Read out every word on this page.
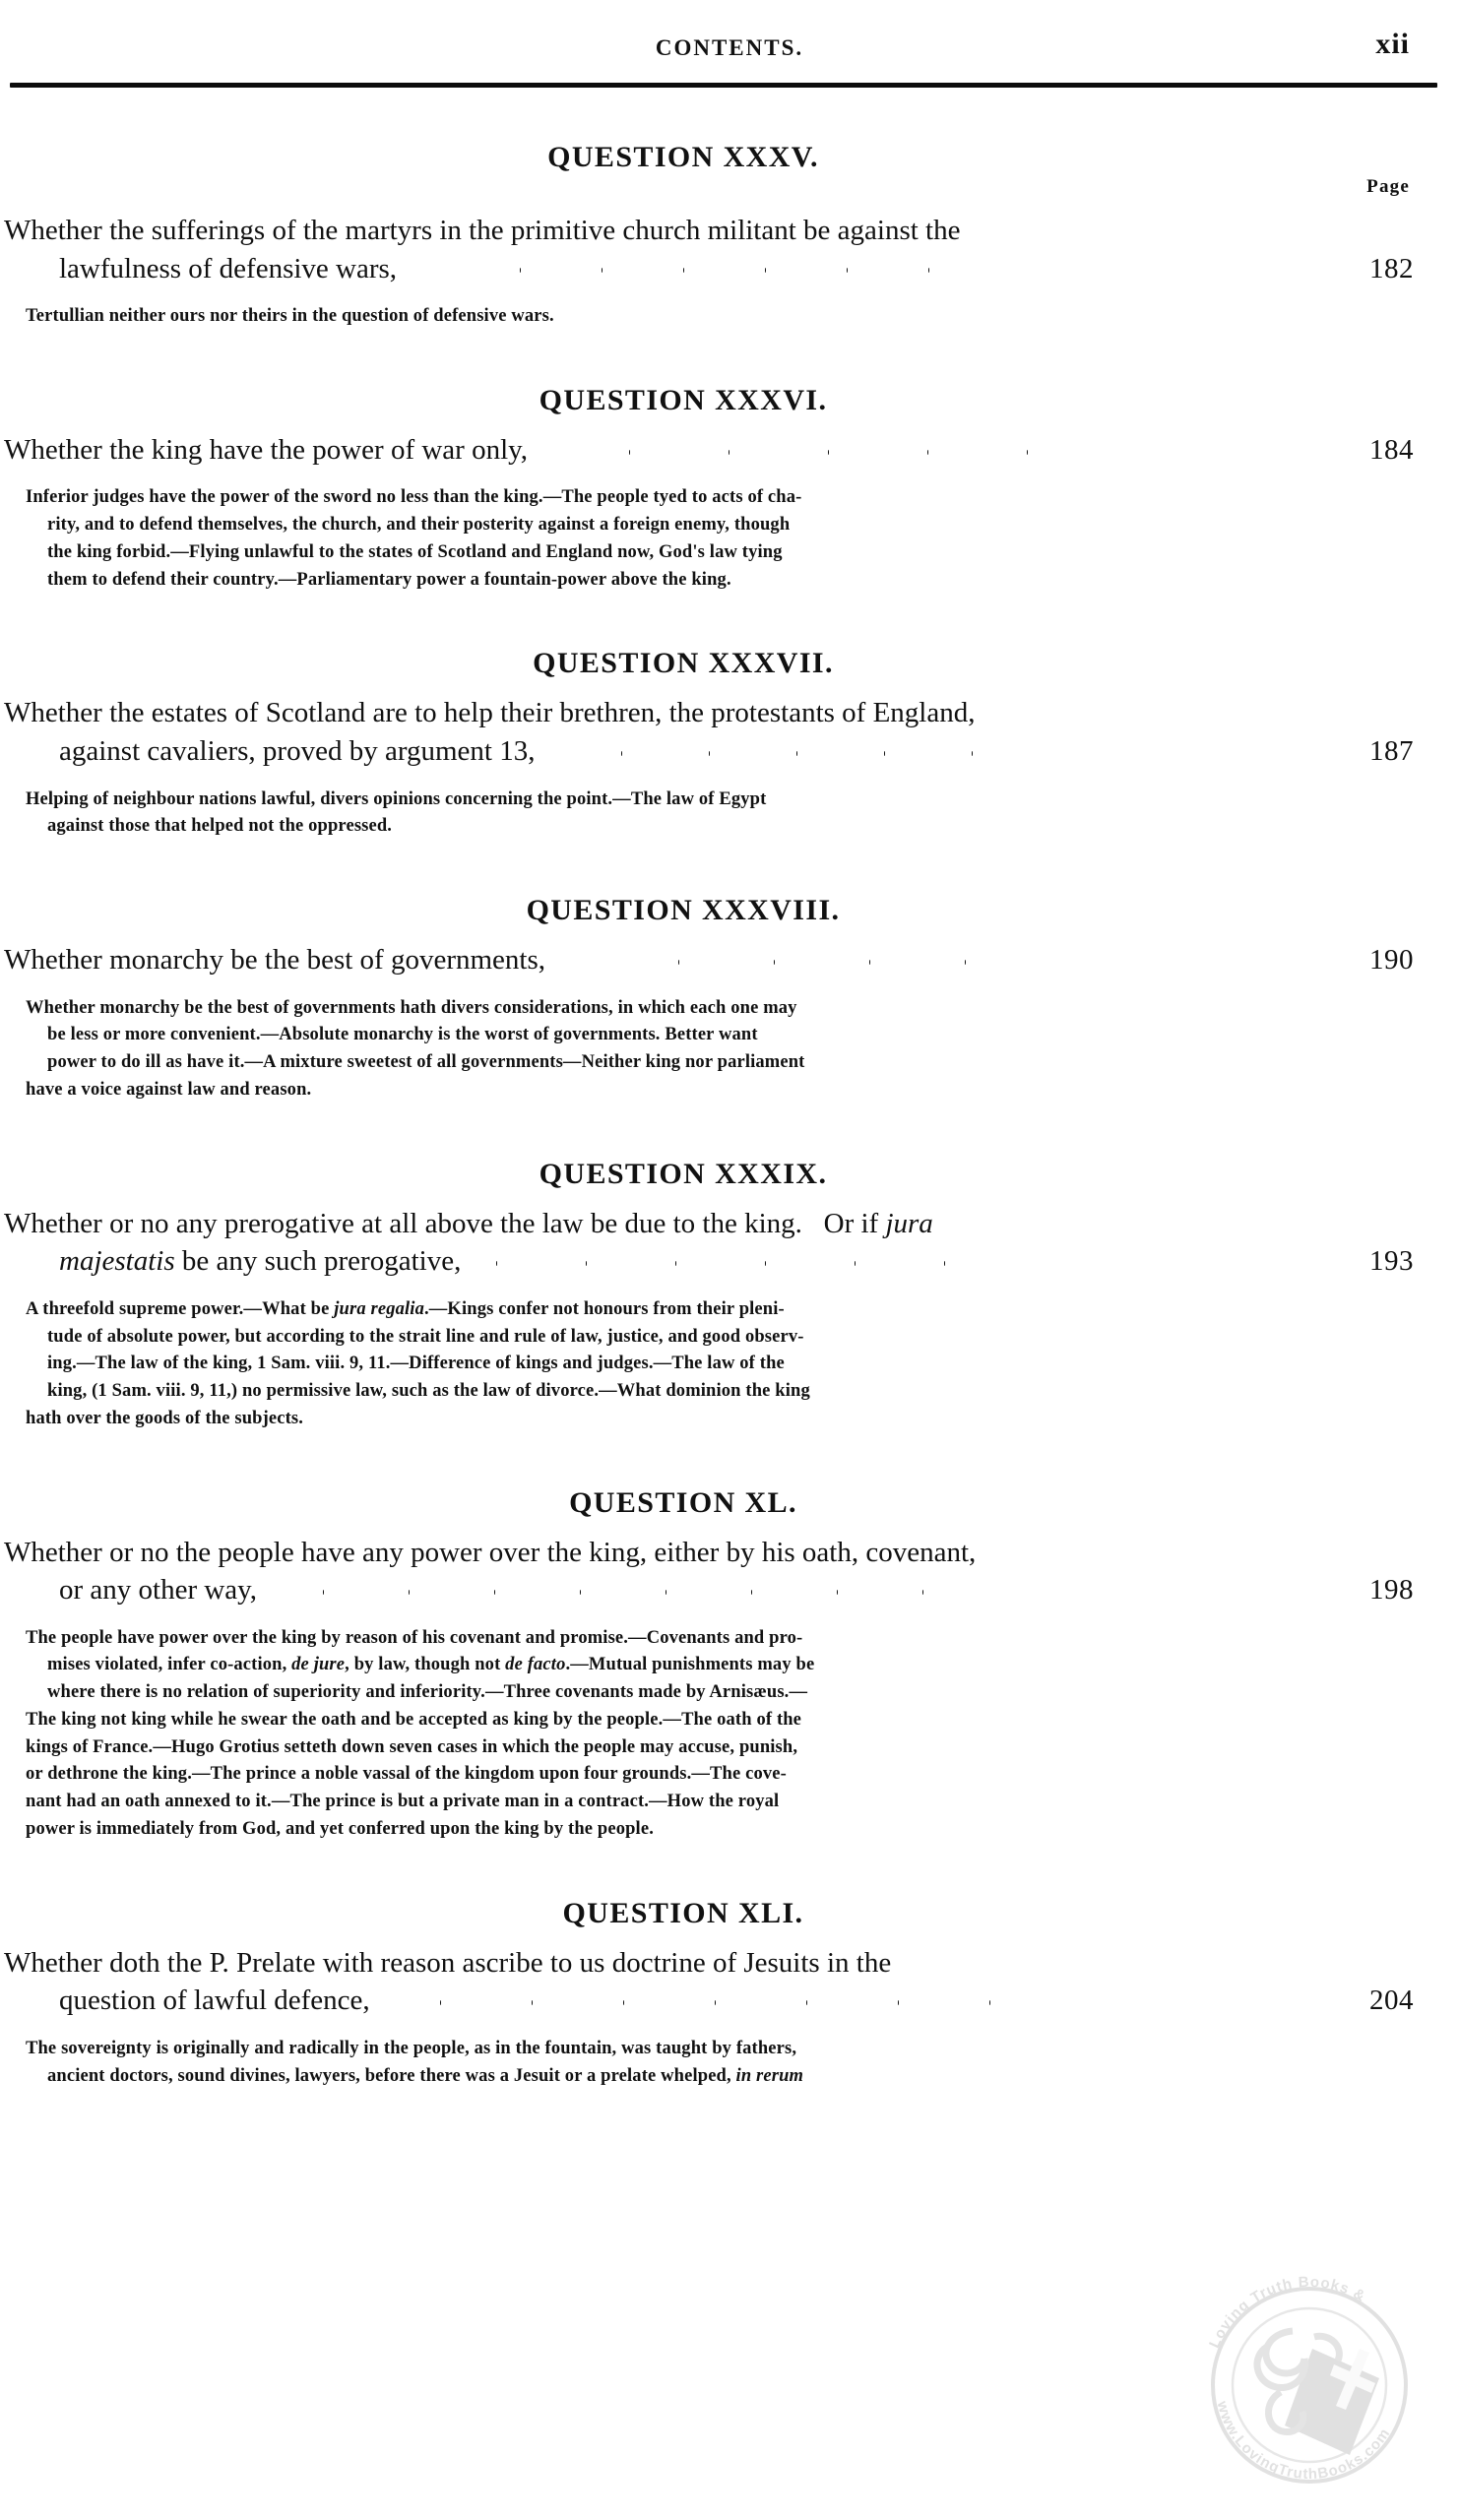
CONTENTS.	xii
QUESTION XXXV.
Page
Whether the sufferings of the martyrs in the primitive church militant be against the
lawfulness of defensive wars,	182
Tertullian neither ours nor theirs in the question of defensive wars.
QUESTION XXXVI.
Whether the king have the power of war only,	184
Inferior judges have the power of the sword no less than the king.—The people tyed to acts of cha-
rity, and to defend themselves, the church, and their posterity against a foreign enemy, though
the king forbid.—Flying unlawful to the states of Scotland and England now, God's law tying
them to defend their country.—Parliamentary power a fountain-power above the king.
QUESTION XXXVII.
Whether the estates of Scotland are to help their brethren, the protestants of England,
against cavaliers, proved by argument 13,	187
Helping of neighbour nations lawful, divers opinions concerning the point.—The law of Egypt
against those that helped not the oppressed.
QUESTION XXXVIII.
Whether monarchy be the best of governments,	190
Whether monarchy be the best of governments hath divers considerations, in which each one may
be less or more convenient.—Absolute monarchy is the worst of governments. Better want
power to do ill as have it.—A mixture sweetest of all governments—Neither king nor parliament
have a voice against law and reason.
QUESTION XXXIX.
Whether or no any prerogative at all above the law be due to the king.   Or if jura
majestatis be any such prerogative,	193
A threefold supreme power.—What be jura regalia.—Kings confer not honours from their pleni-
tude of absolute power, but according to the strait line and rule of law, justice, and good observ-
ing.—The law of the king, 1 Sam. viii. 9, 11.—Difference of kings and judges.—The law of the
king, (1 Sam. viii. 9, 11,) no permissive law, such as the law of divorce.—What dominion the king
hath over the goods of the subjects.
QUESTION XL.
Whether or no the people have any power over the king, either by his oath, covenant,
or any other way,	198
The people have power over the king by reason of his covenant and promise.—Covenants and pro-
mises violated, infer co-action, de jure, by law, though not de facto.—Mutual punishments may be
where there is no relation of superiority and inferiority.—Three covenants made by Arnisæus.—
The king not king while he swear the oath and be accepted as king by the people.—The oath of the
kings of France.—Hugo Grotius setteth down seven cases in which the people may accuse, punish,
or dethrone the king.—The prince a noble vassal of the kingdom upon four grounds.—The cove-
nant had an oath annexed to it.—The prince is but a private man in a contract.—How the royal
power is immediately from God, and yet conferred upon the king by the people.
QUESTION XLI.
Whether doth the P. Prelate with reason ascribe to us doctrine of Jesuits in the
question of lawful defence,	204
The sovereignty is originally and radically in the people, as in the fountain, was taught by fathers,
ancient doctors, sound divines, lawyers, before there was a Jesuit or a prelate whelped, in rerum
Loving Truth Books &
www.LovingTruthBooks.com
